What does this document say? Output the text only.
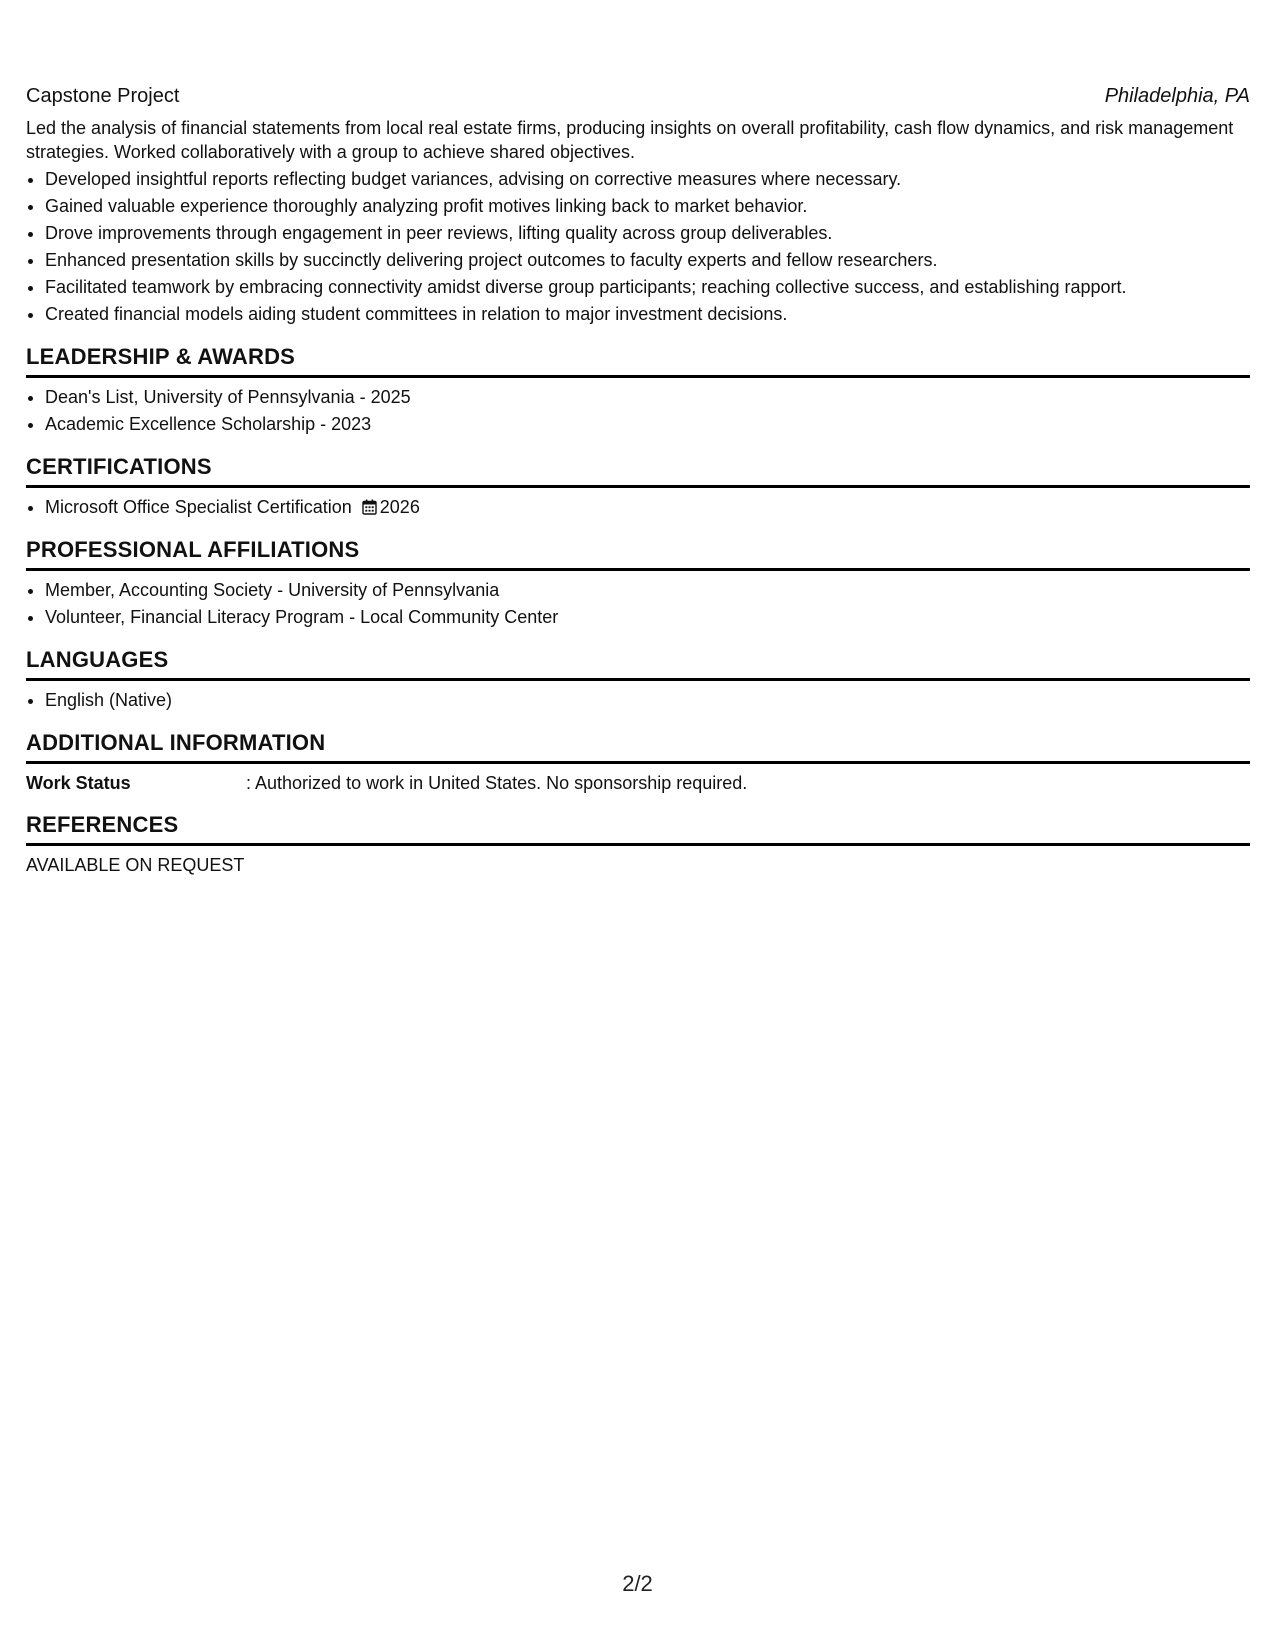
Capstone Project	Philadelphia, PA
Led the analysis of financial statements from local real estate firms, producing insights on overall profitability, cash flow dynamics, and risk management strategies. Worked collaboratively with a group to achieve shared objectives.
• Developed insightful reports reflecting budget variances, advising on corrective measures where necessary.
• Gained valuable experience thoroughly analyzing profit motives linking back to market behavior.
• Drove improvements through engagement in peer reviews, lifting quality across group deliverables.
• Enhanced presentation skills by succinctly delivering project outcomes to faculty experts and fellow researchers.
• Facilitated teamwork by embracing connectivity amidst diverse group participants; reaching collective success, and establishing rapport.
• Created financial models aiding student committees in relation to major investment decisions.
LEADERSHIP & AWARDS
• Dean's List, University of Pennsylvania - 2025
• Academic Excellence Scholarship - 2023
CERTIFICATIONS
• Microsoft Office Specialist Certification 2026
PROFESSIONAL AFFILIATIONS
• Member, Accounting Society - University of Pennsylvania
• Volunteer, Financial Literacy Program - Local Community Center
LANGUAGES
• English (Native)
ADDITIONAL INFORMATION
Work Status	: Authorized to work in United States. No sponsorship required.
REFERENCES
AVAILABLE ON REQUEST
2/2
